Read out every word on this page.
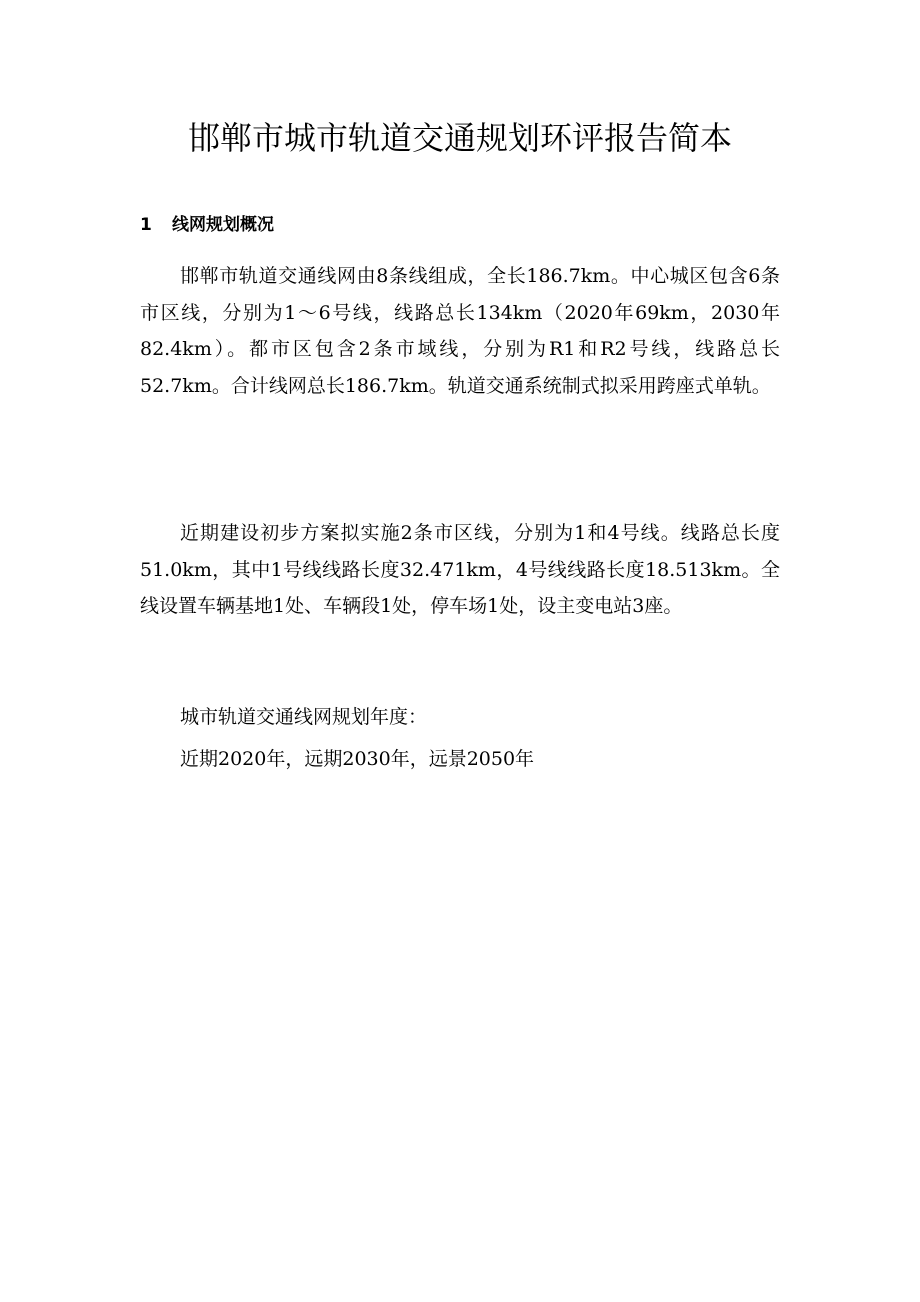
邯郸市城市轨道交通规划环评报告简本
1 线网规划概况

邯郸市轨道交通线网由8条线组成，全长186.7km。中心城区包含6条市区线，分别为1～6号线，线路总长134km（2020年69km，2030年82.4km）。都市区包含2条市域线，分别为R1和R2号线，线路总长52.7km。合计线网总长186.7km。轨道交通系统制式拟采用跨座式单轨。

近期建设初步方案拟实施2条市区线，分别为1和4号线。线路总长度51.0km，其中1号线线路长度32.471km，4号线线路长度18.513km。全线设置车辆基地1处、车辆段1处，停车场1处，设主变电站3座。

城市轨道交通线网规划年度：

近期2020年，远期2030年，远景2050年
